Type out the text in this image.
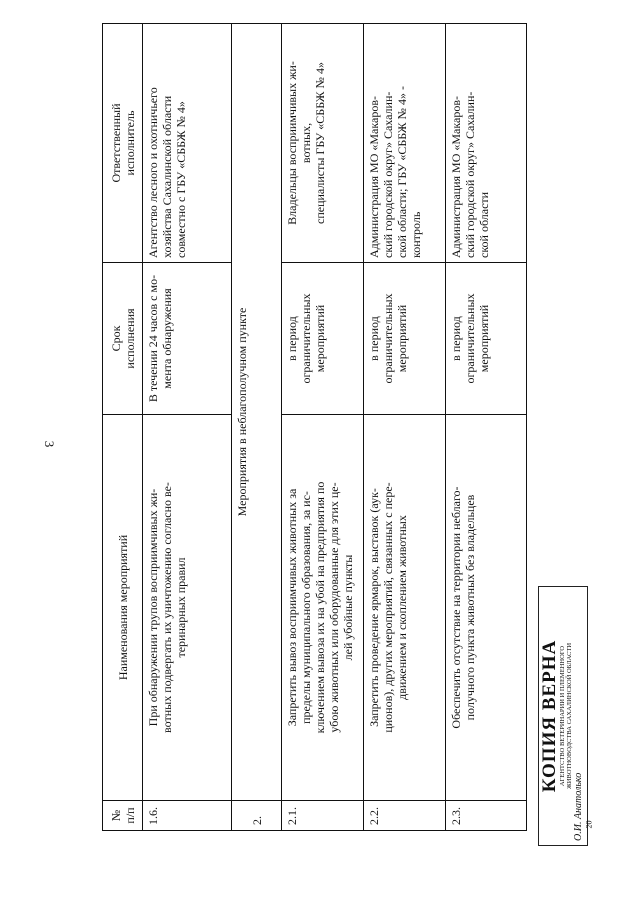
3
№
п/п	Наименования мероприятий	Срок
исполнения	Ответственный
исполнитель
1.6.	При обнаружении трупов восприимчивых жи-
вотных подвергать их уничтожению согласно ве-
теринарных правил	В течении 24 часов с мо-
мента обнаружения	Агентство лесного и охотничьего
хозяйства Сахалинской области
совместно с ГБУ «СББЖ № 4»
2.	Мероприятия в неблагополучном пункте		
2.1.	Запретить вывоз восприимчивых животных за
пределы муниципального образования, за ис-
ключением вывоза их на убой на предприятия по
убою животных или оборудованные для этих це-
лей убойные пункты	в период
ограничительных
мероприятий	Владельцы восприимчивых жи-
вотных,
специалисты ГБУ «СББЖ № 4»
2.2.	Запретить проведение ярмарок, выставок (аук-
ционов), других мероприятий, связанных с пере-
движением и скоплением животных	в период
ограничительных
мероприятий	Администрация МО «Макаров-
ский городской округ» Сахалин-
ской области; ГБУ «СББЖ № 4» -
контроль
2.3.	Обеспечить отсутствие на территории неблаго-
получного пункта животных без владельцев	в период
ограничительных
мероприятий	Администрация МО «Макаров-
ский городской округ» Сахалин-
ской области
КОПИЯ ВЕРНА АГЕНТСТВО ВЕТЕРИНАРИИ И ПЛЕМЕННОГО ЖИВОТНОВОДСТВА САХАЛИНСКОЙ ОБЛАСТИ
О.И. Анатолько 20
